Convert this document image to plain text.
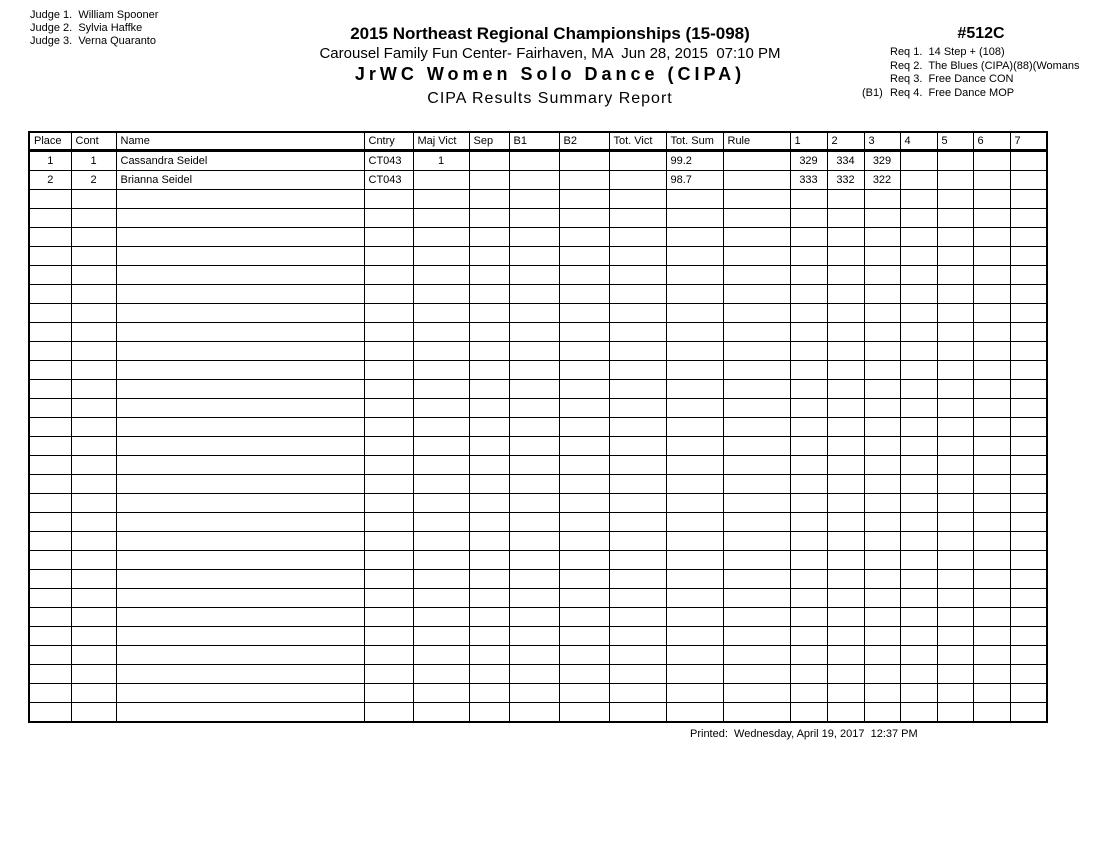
Judge 1.  William Spooner
Judge 2.  Sylvia Haffke
Judge 3.  Verna Quaranto	2015 Northeast Regional Championships (15-098)
Carousel Family Fun Center- Fairhaven, MA  Jun 28, 2015  07:10 PM
JrWC Women Solo Dance (CIPA)
CIPA Results Summary Report
#512C
Req 1.  14 Step + (108)
Req 2.  The Blues (CIPA)(88)(Womans
Req 3.  Free Dance CON
(B1) Req 4.  Free Dance MOP
Place	Cont	Name	Cntry	Maj Vict	Sep	B1	B2	Tot. Vict	Tot. Sum	Rule	1	2	3	4	5	6	7
1	1	Cassandra Seidel	CT043	1					99.2		329	334	329				
2	2	Brianna Seidel	CT043						98.7		333	332	322				

Printed:  Wednesday, April 19, 2017  12:37 PM
